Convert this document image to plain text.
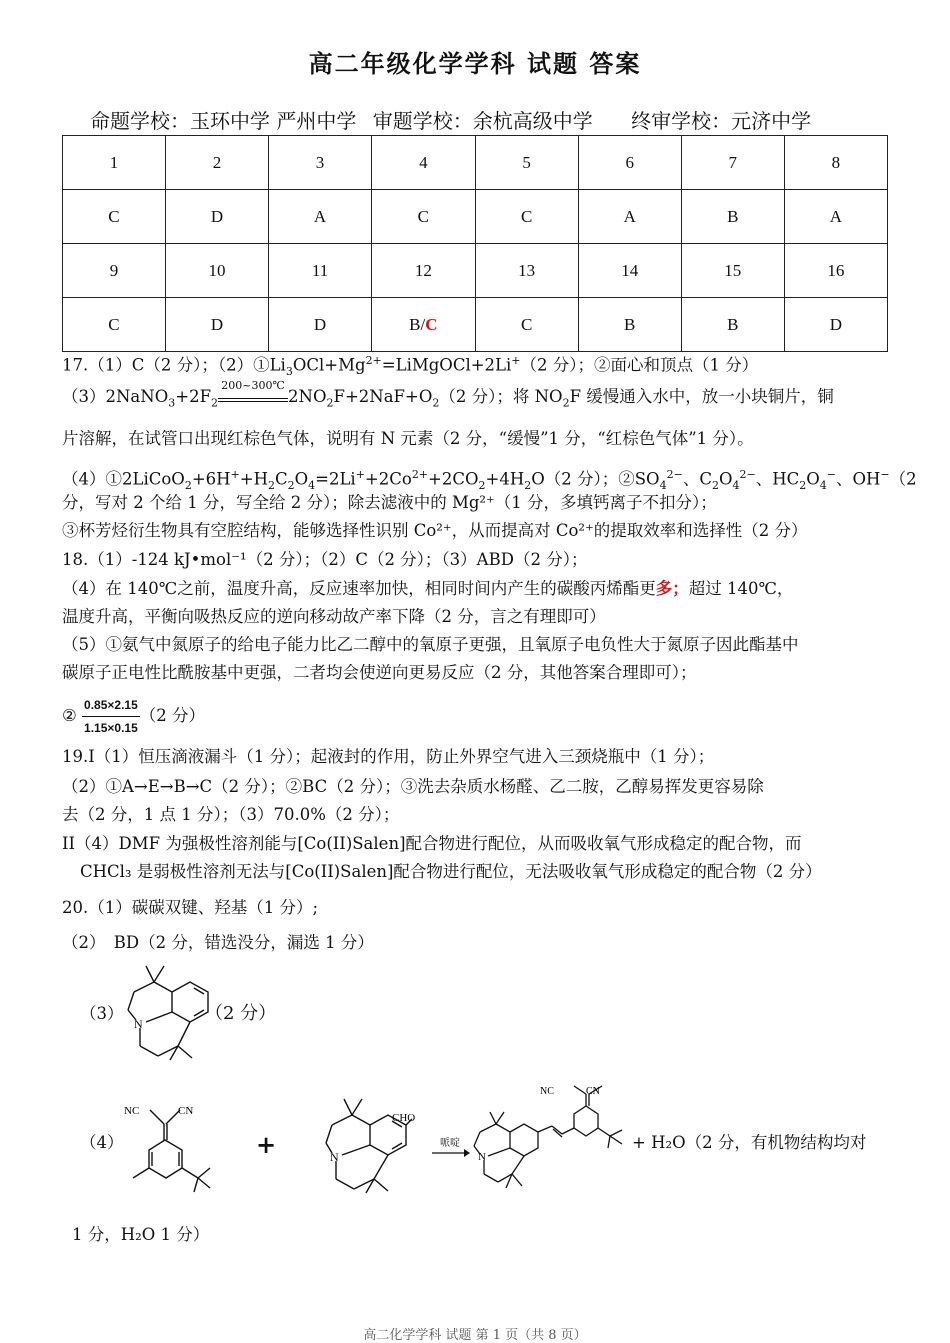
高二年级化学学科 试题 答案
命题学校：玉环中学 严州中学 审题学校：余杭高级中学 终审学校：元济中学
1	2	3	4	5	6	7	8
C	D	A	C	C	A	B	A
9	10	11	12	13	14	15	16
C	D	D	B/C	C	B	B	D
17.（1）C（2 分）；$(2)①Li_3OCl+Mg^{2+}=LiMgOCl+2Li^+(2$ 分）；②面心和顶点（1 分）
$(3)2NaNO_3+2F_2$
200~300℃
$2NO_2F+2NaF+O_2(2$ 分）；将 $NO_2F$ 缓慢通入水中，放一小块铜片，铜
片溶解，在试管口出现红棕色气体，说明有 N 元素（2 分，“缓慢”1 分，“红棕色气体”1 分）。
$(4)①2LiCoO_2+6H^++H_2C_2O_4=2Li^++2Co^{2+}+2CO_2+4H_2O(2$ 分）；$②SO_4^{2-}$、$C_2O_4^{2-}$、$HC_2O_4^-$、OH−（2
分，写对 2 个给 1 分，写全给 2 分）；除去滤液中的 Mg²⁺（1 分，多填钙离子不扣分）；
③杯芳烃衍生物具有空腔结构，能够选择性识别 Co²⁺，从而提高对 Co²⁺的提取效率和选择性（2 分）
18.（1）-124 kJ•mol⁻¹（2 分）；（2）C（2 分）；（3）ABD（2 分）；
（4）在 140℃之前，温度升高，反应速率加快，相同时间内产生的碳酸丙烯酯更多；超过 140℃，
温度升高，平衡向吸热反应的逆向移动故产率下降（2 分，言之有理即可）
（5）①氨气中氮原子的给电子能力比乙二醇中的氧原子更强，且氧原子电负性大于氮原子因此酯基中
碳原子正电性比酰胺基中更强，二者均会使逆向更易反应（2 分，其他答案合理即可）；
② $\frac{0.85\times 2.15}{1.15\times 0.15} (2$ 分）
19.I（1）恒压滴液漏斗（1 分）；起液封的作用，防止外界空气进入三颈烧瓶中（1 分）；
（2）①A→E→B→C（2 分）；②BC（2 分）；③洗去杂质水杨醛、乙二胺，乙醇易挥发更容易除
去（2 分，1 点 1 分）；（3）70.0%（2 分）；
II（4）DMF 为强极性溶剂能与[Co(II)Salen]配合物进行配位，从而吸收氧气形成稳定的配合物，而
CHCl₃ 是弱极性溶剂无法与[Co(II)Salen]配合物进行配位，无法吸收氧气形成稳定的配合物（2 分）
20.（1）碳碳双键、羟基（1 分）;
（2）　BD（2 分，错选没分，漏选 1 分）
（3）
N	（2 分）
（4）
NC	CN
+	N
CHO
哌啶
→ N
NC	CN
+ H₂O（2 分，有机物结构均对
1 分，H₂O 1 分）
高二化学学科 试题 第 1 页（共 8 页）
